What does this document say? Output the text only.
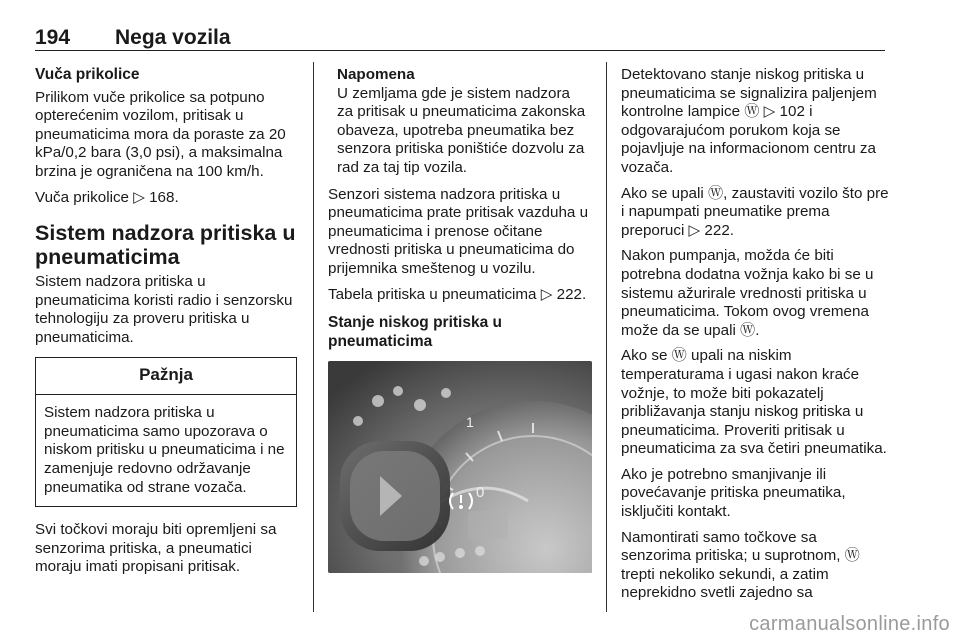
194 Nega vozila
Vuča prikolice

Prilikom vuče prikolice sa potpuno opterećenim vozilom, pritisak u pneumaticima mora da poraste za 20 kPa/0,2 bara (3,0 psi), a maksimalna brzina je ograničena na 100 km/h.

Vuča prikolice ▷ 168.

Sistem nadzora pritiska u pneumaticima

Sistem nadzora pritiska u pneumaticima koristi radio i senzorsku tehnologiju za proveru pritiska u pneumaticima.

Pažnja
Sistem nadzora pritiska u pneumaticima samo upozorava o niskom pritisku u pneumaticima i ne zamenjuje redovno održavanje pneumatika od strane vozača.

Svi točkovi moraju biti opremljeni sa senzorima pritiska, a pneumatici moraju imati propisani pritisak.

Napomena
U zemljama gde je sistem nadzora za pritisak u pneumaticima zakonska obaveza, upotreba pneumatika bez senzora pritiska poništiće dozvolu za rad za taj tip vozila.

Senzori sistema nadzora pritiska u pneumaticima prate pritisak vazduha u pneumaticima i prenose očitane vrednosti pritiska u pneumaticima do prijemnika smeštenog u vozilu.

Tabela pritiska u pneumaticima ▷ 222.

Stanje niskog pritiska u pneumaticima
1
0

Detektovano stanje niskog pritiska u pneumaticima se signalizira paljenjem kontrolne lampice Ⓦ ▷ 102 i odgovarajućom porukom koja se pojavljuje na informacionom centru za vozača.

Ako se upali Ⓦ, zaustaviti vozilo što pre i napumpati pneumatike prema preporuci ▷ 222.

Nakon pumpanja, možda će biti potrebna dodatna vožnja kako bi se u sistemu ažurirale vrednosti pritiska u pneumaticima. Tokom ovog vremena može da se upali Ⓦ.

Ako se Ⓦ upali na niskim temperaturama i ugasi nakon kraće vožnje, to može biti pokazatelj približavanja stanju niskog pritiska u pneumaticima. Proveriti pritisak u pneumaticima za sva četiri pneumatika.

Ako je potrebno smanjivanje ili povećavanje pritiska pneumatika, isključiti kontakt.

Namontirati samo točkove sa senzorima pritiska; u suprotnom, Ⓦ trepti nekoliko sekundi, a zatim neprekidno svetli zajedno sa

carmanualsonline.info
